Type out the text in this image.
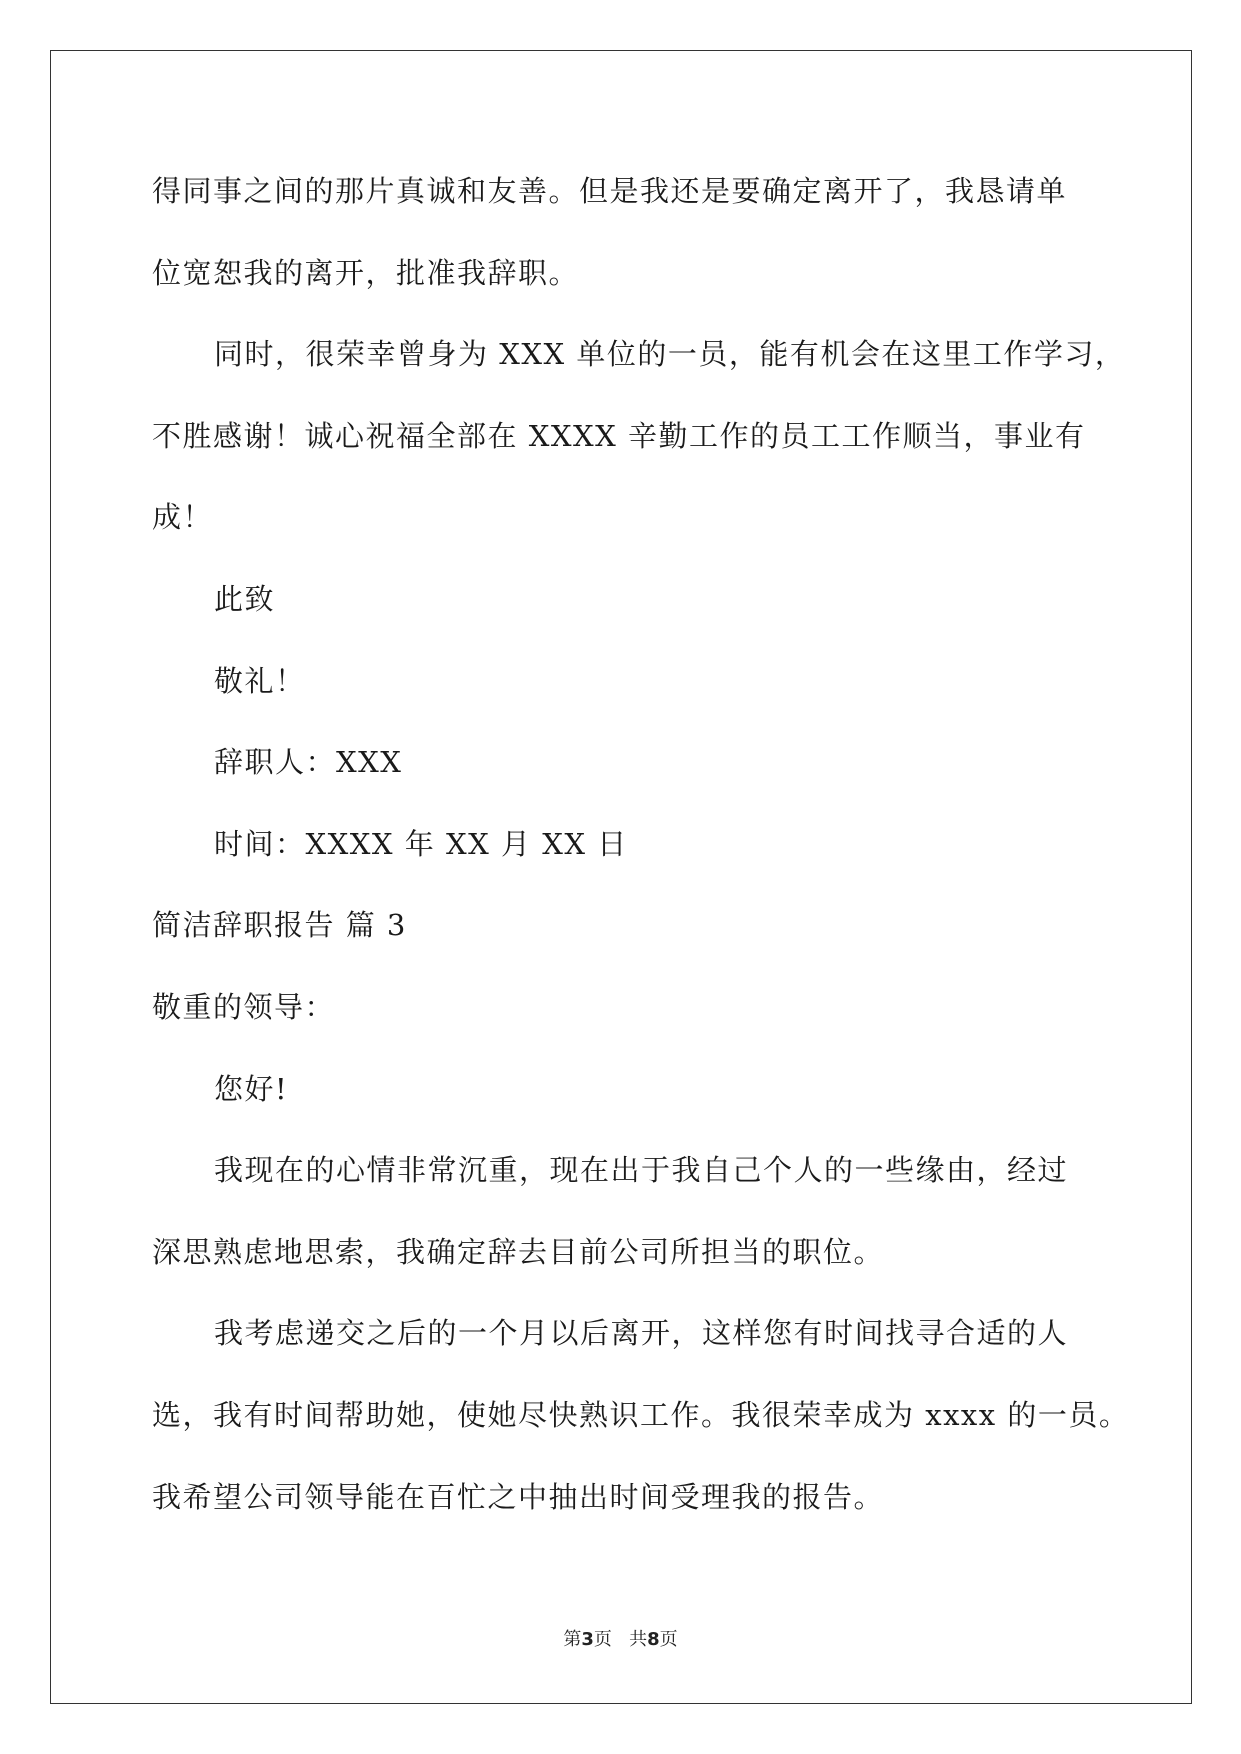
得同事之间的那片真诚和友善。但是我还是要确定离开了，我恳请单
位宽恕我的离开，批准我辞职。
同时，很荣幸曾身为 XXX 单位的一员，能有机会在这里工作学习，
不胜感谢！诚心祝福全部在 XXXX 辛勤工作的员工工作顺当，事业有
成！
此致
敬礼！
辞职人：XXX
时间：XXXX 年 XX 月 XX 日
简洁辞职报告 篇 3
敬重的领导：
您好!
我现在的心情非常沉重，现在出于我自己个人的一些缘由，经过
深思熟虑地思索，我确定辞去目前公司所担当的职位。
我考虑递交之后的一个月以后离开，这样您有时间找寻合适的人
选，我有时间帮助她，使她尽快熟识工作。我很荣幸成为 xxxx 的一员。
我希望公司领导能在百忙之中抽出时间受理我的报告。
第3页   共8页
